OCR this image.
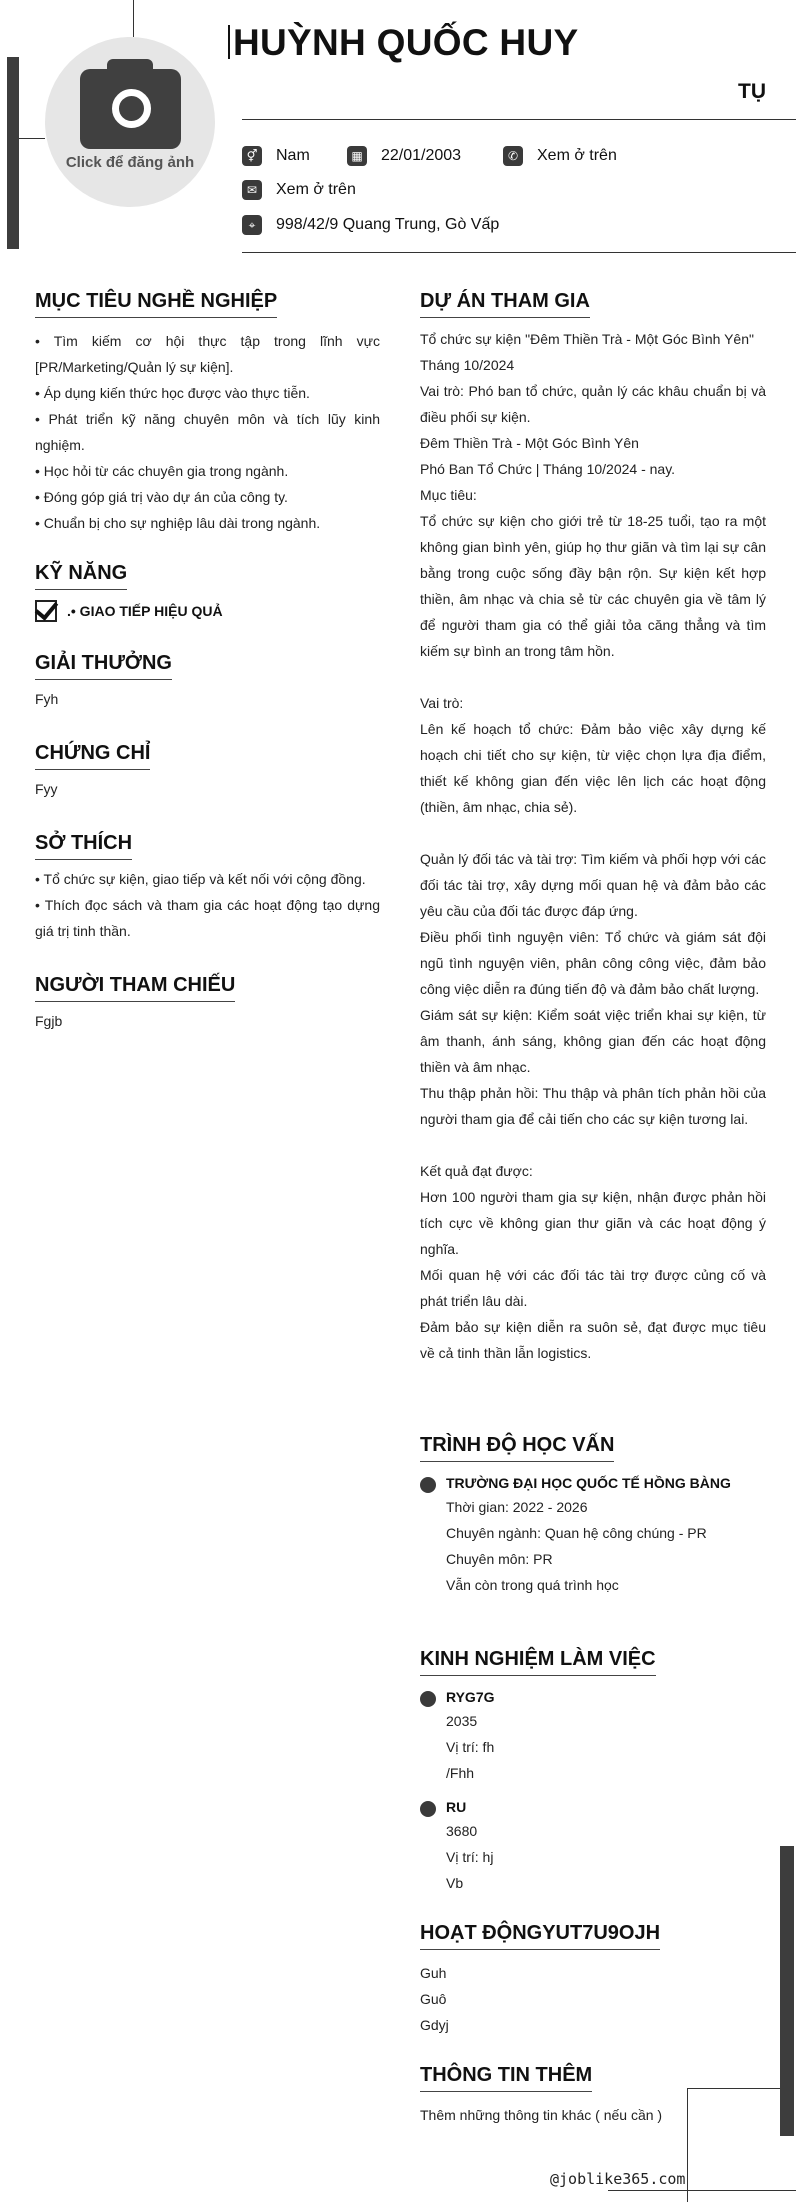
Click để đăng ảnh
HUỲNH QUỐC HUY
TỤ
⚥ Nam	▦ 22/01/2003	✆	Xem ở trên
✉	Xem ở trên
⌖	998/42/9 Quang Trung, Gò Vấp
MỤC TIÊU NGHỀ NGHIỆP

• Tìm kiếm cơ hội thực tập trong lĩnh vực [PR/Marketing/Quản lý sự kiện].

• Áp dụng kiến thức học được vào thực tiễn.

• Phát triển kỹ năng chuyên môn và tích lũy kinh nghiệm.

• Học hỏi từ các chuyên gia trong ngành.

• Đóng góp giá trị vào dự án của công ty.

• Chuẩn bị cho sự nghiệp lâu dài trong ngành.

KỸ NĂNG
.• GIAO TIẾP HIỆU QUẢ
GIẢI THƯỞNG
Fyh
CHỨNG CHỈ
Fyy
SỞ THÍCH

• Tổ chức sự kiện, giao tiếp và kết nối với cộng đồng.

• Thích đọc sách và tham gia các hoạt động tạo dựng giá trị tinh thần.

NGƯỜI THAM CHIẾU
Fgjb
DỰ ÁN THAM GIA

Tổ chức sự kiện "Đêm Thiền Trà - Một Góc Bình Yên"

Tháng 10/2024

Vai trò: Phó ban tổ chức, quản lý các khâu chuẩn bị và điều phối sự kiện.

Đêm Thiền Trà - Một Góc Bình Yên

Phó Ban Tổ Chức | Tháng 10/2024 - nay.

Mục tiêu:

Tổ chức sự kiện cho giới trẻ từ 18-25 tuổi, tạo ra một không gian bình yên, giúp họ thư giãn và tìm lại sự cân bằng trong cuộc sống đầy bận rộn. Sự kiện kết hợp thiền, âm nhạc và chia sẻ từ các chuyên gia về tâm lý để người tham gia có thể giải tỏa căng thẳng và tìm kiếm sự bình an trong tâm hồn.

Vai trò:

Lên kế hoạch tổ chức: Đảm bảo việc xây dựng kế hoạch chi tiết cho sự kiện, từ việc chọn lựa địa điểm, thiết kế không gian đến việc lên lịch các hoạt động (thiền, âm nhạc, chia sẻ).

Quản lý đối tác và tài trợ: Tìm kiếm và phối hợp với các đối tác tài trợ, xây dựng mối quan hệ và đảm bảo các yêu cầu của đối tác được đáp ứng.

Điều phối tình nguyện viên: Tổ chức và giám sát đội ngũ tình nguyện viên, phân công công việc, đảm bảo công việc diễn ra đúng tiến độ và đảm bảo chất lượng.

Giám sát sự kiện: Kiểm soát việc triển khai sự kiện, từ âm thanh, ánh sáng, không gian đến các hoạt động thiền và âm nhạc.

Thu thập phản hồi: Thu thập và phân tích phản hồi của người tham gia để cải tiến cho các sự kiện tương lai.

Kết quả đạt được:

Hơn 100 người tham gia sự kiện, nhận được phản hồi tích cực về không gian thư giãn và các hoạt động ý nghĩa.

Mối quan hệ với các đối tác tài trợ được củng cố và phát triển lâu dài.

Đảm bảo sự kiện diễn ra suôn sẻ, đạt được mục tiêu về cả tinh thần lẫn logistics.

TRÌNH ĐỘ HỌC VẤN
TRƯỜNG ĐẠI HỌC QUỐC TẾ HỒNG BÀNG

Thời gian: 2022 - 2026

Chuyên ngành: Quan hệ công chúng - PR

Chuyên môn: PR

Vẫn còn trong quá trình học

KINH NGHIỆM LÀM VIỆC
RYG7G

2035

Vị trí: fh

/Fhh

RU

3680

Vị trí: hj

Vb

HOẠT ĐỘNGYUT7U9OJH

Guh

Guô

Gdyj

THÔNG TIN THÊM
Thêm những thông tin khác ( nếu cần )
@joblike365.com
